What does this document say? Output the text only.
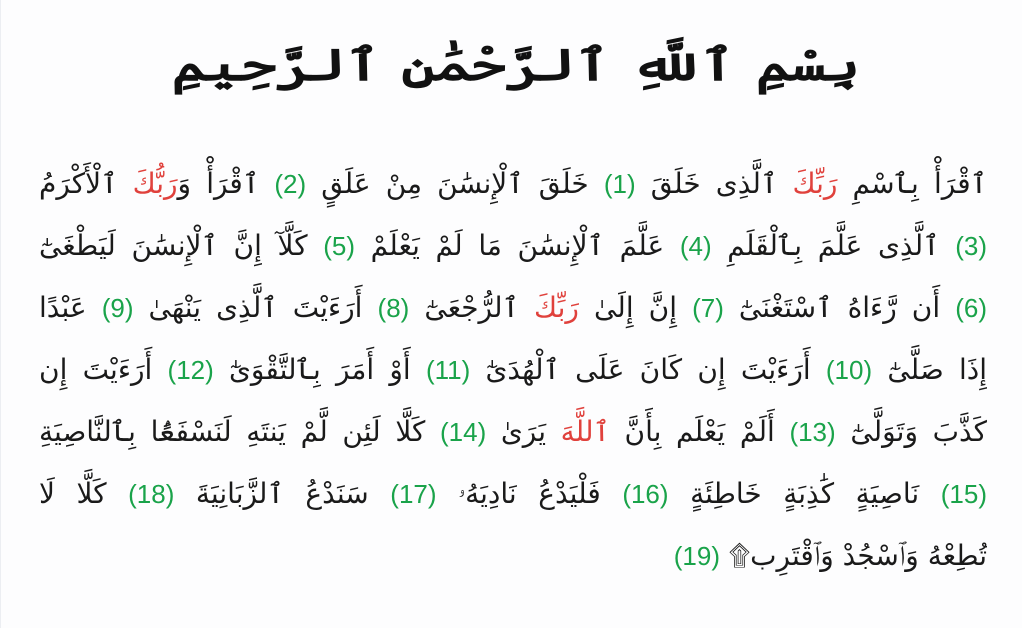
بِسْمِ ٱللَّهِ ٱلرَّحْمَٰنِ ٱلرَّحِيمِ
ٱقْرَأْ بِٱسْمِ رَبِّكَ ٱلَّذِى خَلَقَ (1) خَلَقَ ٱلْإِنسَٰنَ مِنْ عَلَقٍ (2) ٱقْرَأْ وَرَبُّكَ ٱلْأَكْرَمُ
(3) ٱلَّذِى عَلَّمَ بِٱلْقَلَمِ (4) عَلَّمَ ٱلْإِنسَٰنَ مَا لَمْ يَعْلَمْ (5) كَلَّآ إِنَّ ٱلْإِنسَٰنَ لَيَطْغَىٰٓ
(6) أَن رَّءَاهُ ٱسْتَغْنَىٰٓ (7) إِنَّ إِلَىٰ رَبِّكَ ٱلرُّجْعَىٰٓ (8) أَرَءَيْتَ ٱلَّذِى يَنْهَىٰ (9) عَبْدًا
إِذَا صَلَّىٰٓ (10) أَرَءَيْتَ إِن كَانَ عَلَى ٱلْهُدَىٰٓ (11) أَوْ أَمَرَ بِٱلتَّقْوَىٰٓ (12) أَرَءَيْتَ إِن
كَذَّبَ وَتَوَلَّىٰٓ (13) أَلَمْ يَعْلَم بِأَنَّ ٱللَّهَ يَرَىٰ (14) كَلَّا لَئِن لَّمْ يَنتَهِ لَنَسْفَعًۢا بِٱلنَّاصِيَةِ
(15) نَاصِيَةٍ كَٰذِبَةٍ خَاطِئَةٍ (16) فَلْيَدْعُ نَادِيَهُۥ (17) سَنَدْعُ ٱلزَّبَانِيَةَ (18) كَلَّا لَا
تُطِعْهُ وَٱسْجُدْ وَٱقْتَرِب۩ (19)
